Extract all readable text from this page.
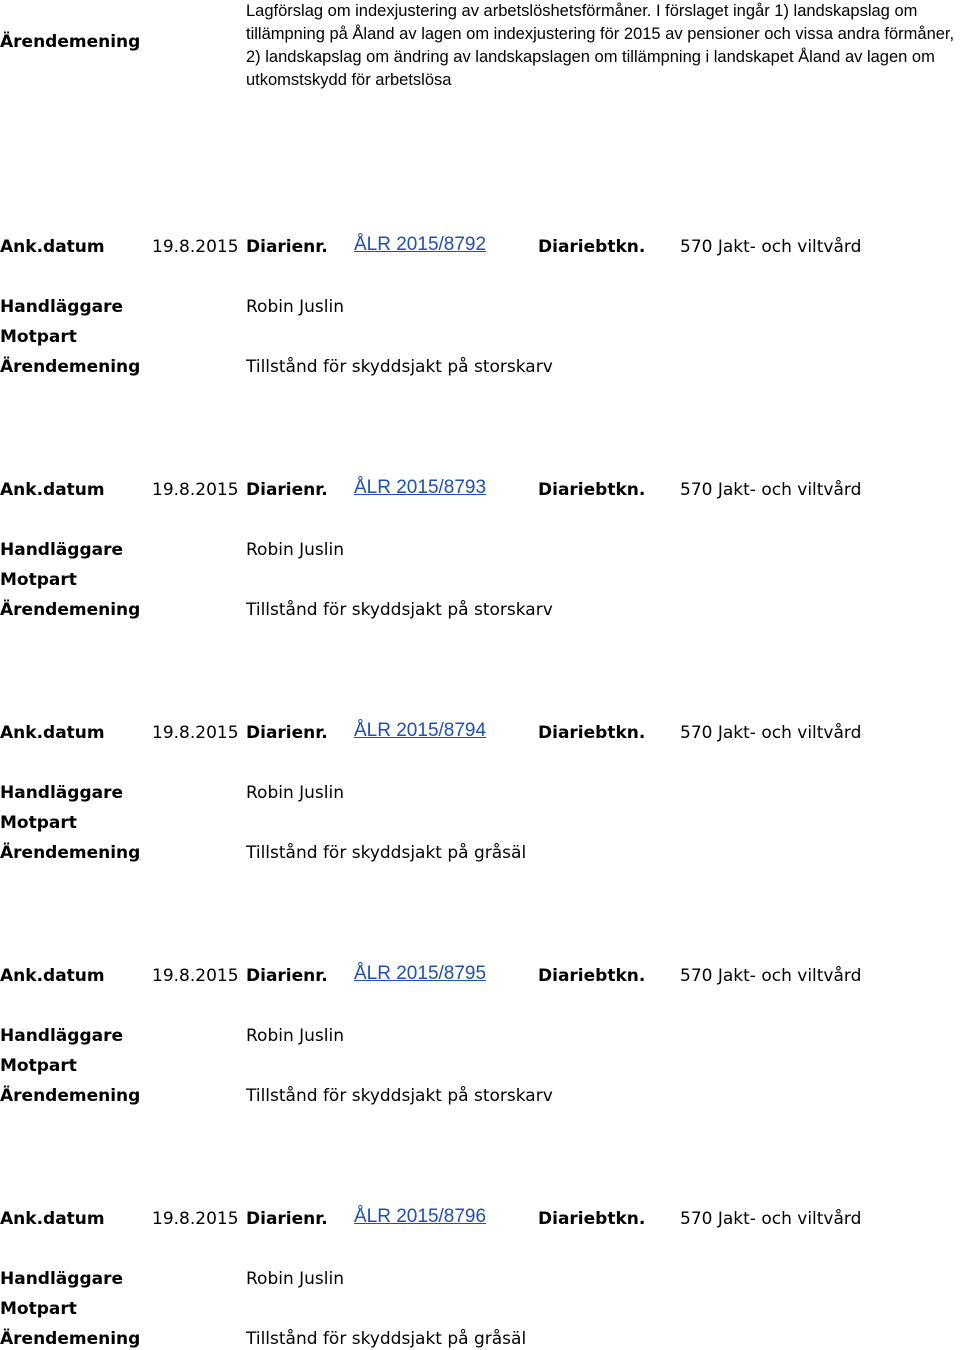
Ärendemening
Lagförslag om indexjustering av arbetslöshetsförmåner. I förslaget ingår 1) landskapslag om tillämpning på Åland av lagen om indexjustering för 2015 av pensioner och vissa andra förmåner, 2) landskapslag om ändring av landskapslagen om tillämpning i landskapet Åland av lagen om utkomstskydd för arbetslösa
Ank.datum	19.8.2015 Diarienr. ÅLR 2015/8792	Diariebtkn. 570 Jakt- och viltvård
Handläggare	Robin Juslin
Motpart
Ärendemening	Tillstånd för skyddsjakt på storskarv
Ank.datum	19.8.2015 Diarienr. ÅLR 2015/8793	Diariebtkn. 570 Jakt- och viltvård
Handläggare	Robin Juslin
Motpart
Ärendemening	Tillstånd för skyddsjakt på storskarv
Ank.datum	19.8.2015 Diarienr. ÅLR 2015/8794	Diariebtkn. 570 Jakt- och viltvård
Handläggare	Robin Juslin
Motpart
Ärendemening	Tillstånd för skyddsjakt på gråsäl
Ank.datum	19.8.2015 Diarienr. ÅLR 2015/8795	Diariebtkn. 570 Jakt- och viltvård
Handläggare	Robin Juslin
Motpart
Ärendemening	Tillstånd för skyddsjakt på storskarv
Ank.datum	19.8.2015 Diarienr. ÅLR 2015/8796	Diariebtkn. 570 Jakt- och viltvård
Handläggare	Robin Juslin
Motpart
Ärendemening	Tillstånd för skyddsjakt på gråsäl
